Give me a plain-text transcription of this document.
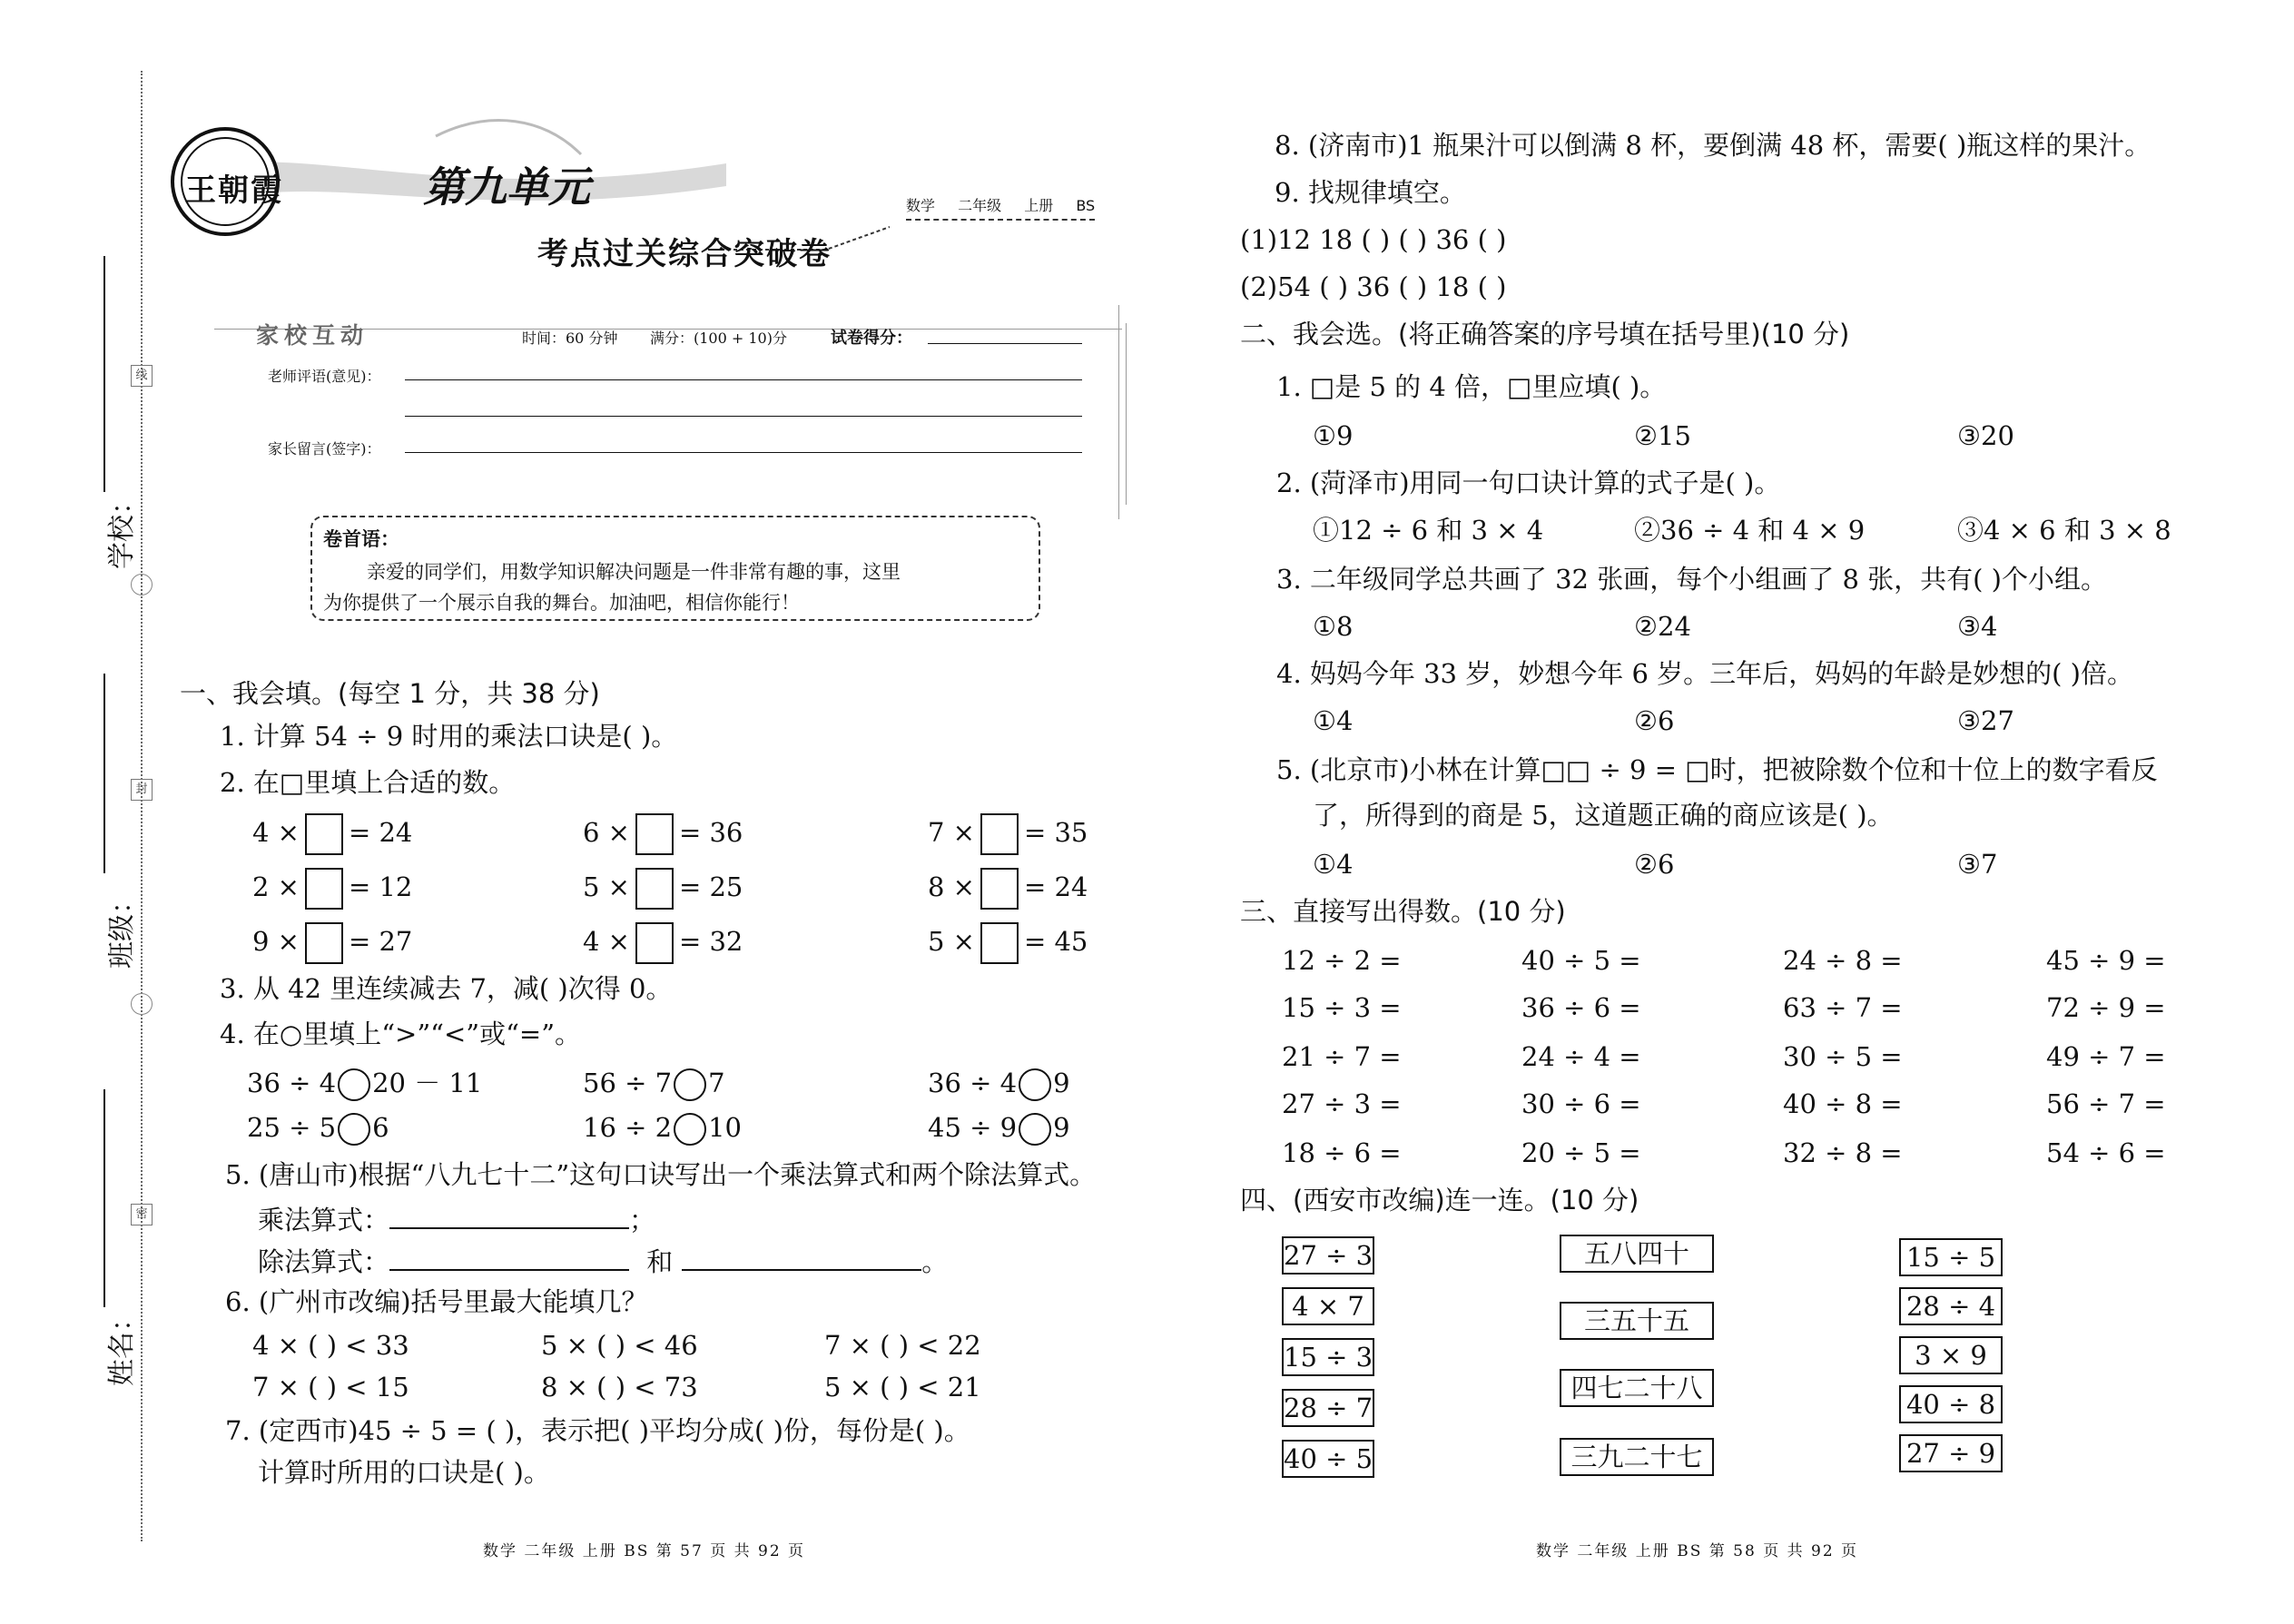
学校：
线
班级：
封
姓名：
密
王朝霞	第九单元
考点过关综合突破卷
数学 二年级 上册 BS
家校互动	时间：60 分钟 满分：(100 + 10)分	试卷得分：
老师评语(意见)：
家长留言(签字)：
卷首语：
亲爱的同学们，用数学知识解决问题是一件非常有趣的事，这里
为你提供了一个展示自我的舞台。加油吧，相信你能行！
一、我会填。(每空 1 分，共 38 分)
1. 计算 54 ÷ 9 时用的乘法口诀是( )。
2. 在□里填上合适的数。
4 × = 24	6 × = 36	7 × = 35
2 × = 12	5 × = 25	8 × = 24
9 × = 27	4 × = 32	5 × = 45
3. 从 42 里连续减去 7，减( )次得 0。
4. 在○里填上“>”“<”或“=”。
36 ÷ 4 20 － 11	56 ÷ 7 7	36 ÷ 4 9
25 ÷ 5 6	16 ÷ 2 10	45 ÷ 9 9
5. (唐山市)根据“八九七十二”这句口诀写出一个乘法算式和两个除法算式。
乘法算式：	；
除法算式：	和	。
6. (广州市改编)括号里最大能填几？
4 × ( ) < 33	5 × ( ) < 46	7 × ( ) < 22
7 × ( ) < 15	8 × ( ) < 73	5 × ( ) < 21
7. (定西市)45 ÷ 5 = ( )，表示把( )平均分成( )份，每份是( )。
计算时所用的口诀是( )。
数学 二年级 上册 BS 第 57 页 共 92 页
8. (济南市)1 瓶果汁可以倒满 8 杯，要倒满 48 杯，需要( )瓶这样的果汁。
9. 找规律填空。
(1)12 18 ( ) ( ) 36 ( )
(2)54 ( ) 36 ( ) 18 ( )
二、我会选。(将正确答案的序号填在括号里)(10 分)
1. □是 5 的 4 倍，□里应填( )。
①9	②15	③20
2. (菏泽市)用同一句口诀计算的式子是( )。
①12 ÷ 6 和 3 × 4	②36 ÷ 4 和 4 × 9	③4 × 6 和 3 × 8
3. 二年级同学总共画了 32 张画，每个小组画了 8 张，共有( )个小组。
①8	②24	③4
4. 妈妈今年 33 岁，妙想今年 6 岁。三年后，妈妈的年龄是妙想的( )倍。
①4	②6	③27
5. (北京市)小林在计算□□ ÷ 9 = □时，把被除数个位和十位上的数字看反
了，所得到的商是 5，这道题正确的商应该是( )。
①4	②6	③7
三、直接写出得数。(10 分)
12 ÷ 2 =	40 ÷ 5 =	24 ÷ 8 =	45 ÷ 9 =
15 ÷ 3 =	36 ÷ 6 =	63 ÷ 7 =	72 ÷ 9 =
21 ÷ 7 =	24 ÷ 4 =	30 ÷ 5 =	49 ÷ 7 =
27 ÷ 3 =	30 ÷ 6 =	40 ÷ 8 =	56 ÷ 7 =
18 ÷ 6 =	20 ÷ 5 =	32 ÷ 8 =	54 ÷ 6 =
四、(西安市改编)连一连。(10 分)
27 ÷ 3
4 × 7
15 ÷ 3
28 ÷ 7
40 ÷ 5
五八四十
三五十五
四七二十八
三九二十七
15 ÷ 5
28 ÷ 4
3 × 9
40 ÷ 8
27 ÷ 9
数学 二年级 上册 BS 第 58 页 共 92 页
